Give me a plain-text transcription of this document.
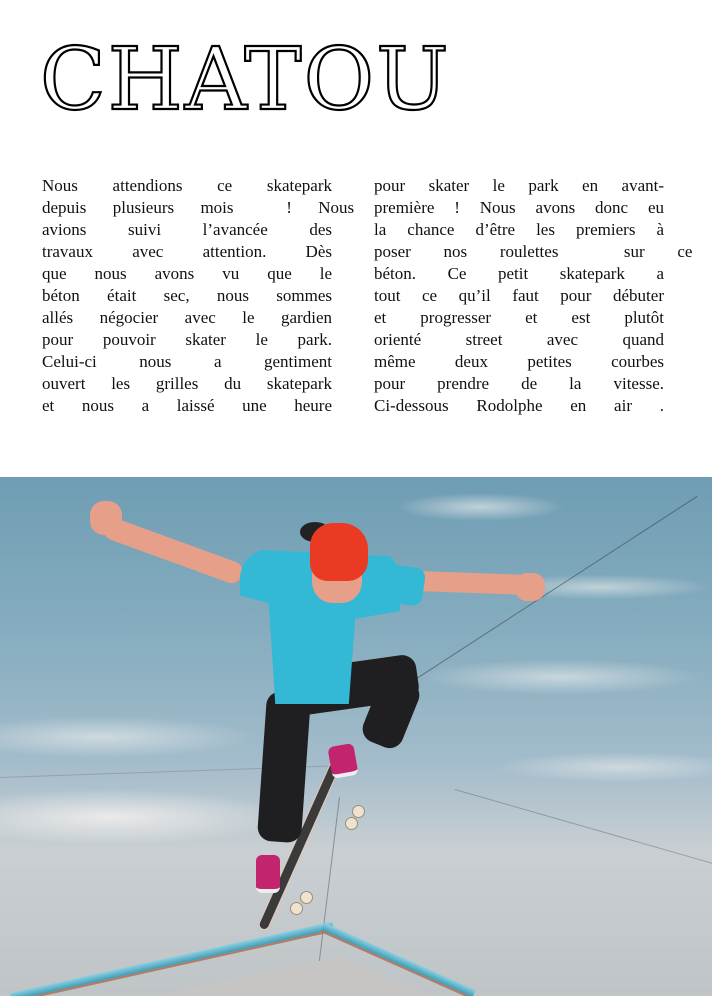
CHATOU
Nous attendions ce skatepark
depuis plusieurs mois  ! Nous
avions suivi l’avancée des
travaux avec attention. Dès
que nous avons vu que le
béton était sec, nous sommes
allés négocier avec le gardien
pour pouvoir skater le park.
Celui-ci nous a gentiment
ouvert les grilles du skatepark
et nous a laissé une heure
pour skater le park en avant-
première ! Nous avons donc eu
la chance d’être les premiers à
poser nos roulettes  sur ce
béton. Ce petit skatepark a
tout ce qu’il faut pour débuter
et progresser et est plutôt
orienté street avec quand
même deux petites courbes
pour prendre de la vitesse.
Ci-dessous Rodolphe en air .
